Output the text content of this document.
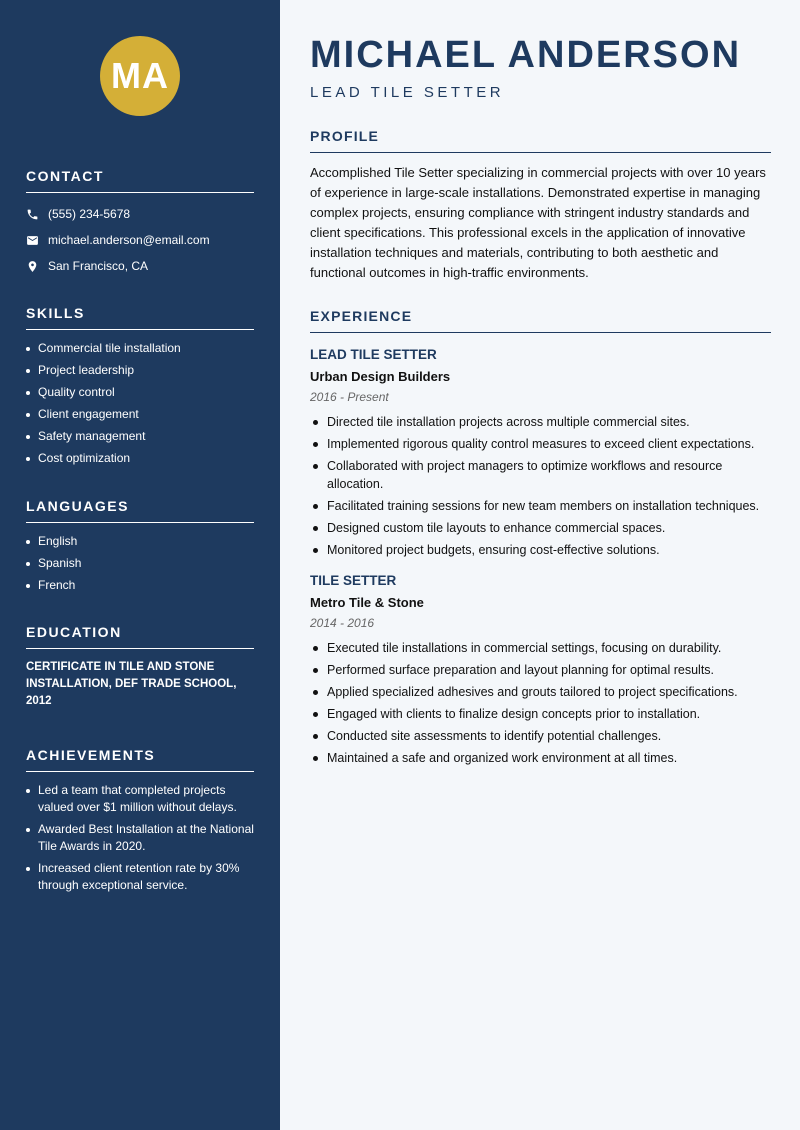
MA
CONTACT
(555) 234-5678
michael.anderson@email.com
San Francisco, CA
SKILLS
Commercial tile installation
Project leadership
Quality control
Client engagement
Safety management
Cost optimization
LANGUAGES
English
Spanish
French
EDUCATION

CERTIFICATE IN TILE AND STONE INSTALLATION, DEF TRADE SCHOOL, 2012

ACHIEVEMENTS
Led a team that completed projects valued over $1 million without delays.
Awarded Best Installation at the National Tile Awards in 2020.
Increased client retention rate by 30% through exceptional service.
MICHAEL ANDERSON
LEAD TILE SETTER
PROFILE

Accomplished Tile Setter specializing in commercial projects with over 10 years of experience in large-scale installations. Demonstrated expertise in managing complex projects, ensuring compliance with stringent industry standards and client specifications. This professional excels in the application of innovative installation techniques and materials, contributing to both aesthetic and functional outcomes in high-traffic environments.

EXPERIENCE
LEAD TILE SETTER
Urban Design Builders
2016 - Present
Directed tile installation projects across multiple commercial sites.
Implemented rigorous quality control measures to exceed client expectations.
Collaborated with project managers to optimize workflows and resource allocation.
Facilitated training sessions for new team members on installation techniques.
Designed custom tile layouts to enhance commercial spaces.
Monitored project budgets, ensuring cost-effective solutions.
TILE SETTER
Metro Tile & Stone
2014 - 2016
Executed tile installations in commercial settings, focusing on durability.
Performed surface preparation and layout planning for optimal results.
Applied specialized adhesives and grouts tailored to project specifications.
Engaged with clients to finalize design concepts prior to installation.
Conducted site assessments to identify potential challenges.
Maintained a safe and organized work environment at all times.
